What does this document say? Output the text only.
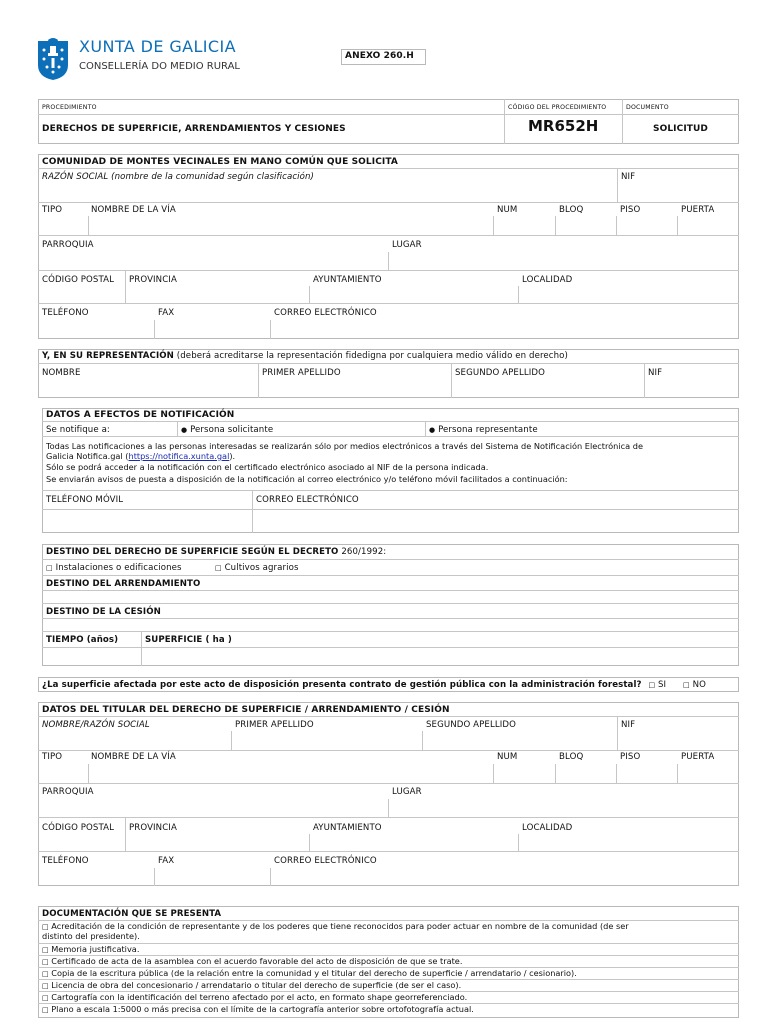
XUNTA DE GALICIA
CONSELLERÍA DO MEDIO RURAL
ANEXO 260.H
PROCEDIMIENTO	CÓDIGO DEL PROCEDIMIENTO	DOCUMENTO
DERECHOS DE SUPERFICIE, ARRENDAMIENTOS Y CESIONES	MR652H	SOLICITUD
COMUNIDAD DE MONTES VECINALES EN MANO COMÚN QUE SOLICITA
RAZÓN SOCIAL (nombre de la comunidad según clasificación)	NIF
TIPO	NOMBRE DE LA VÍA	NUM	BLOQ	PISO	PUERTA
PARROQUIA	LUGAR
CÓDIGO POSTAL PROVINCIA	AYUNTAMIENTO	LOCALIDAD
TELÉFONO	FAX	CORREO ELECTRÓNICO
Y, EN SU REPRESENTACIÓN (deberá acreditarse la representación fidedigna por cualquiera medio válido en derecho)
NOMBRE	PRIMER APELLIDO	SEGUNDO APELLIDO	NIF
DATOS A EFECTOS DE NOTIFICACIÓN
Se notifique a:	● Persona solicitante	● Persona representante
Todas Las notificaciones a las personas interesadas se realizarán sólo por medios electrónicos a través del Sistema de Notificación Electrónica de
Galicia Notifica.gal (https://notifica.xunta.gal).
Sólo se podrá acceder a la notificación con el certificado electrónico asociado al NIF de la persona indicada.
Se enviarán avisos de puesta a disposición de la notificación al correo electrónico y/o teléfono móvil facilitados a continuación:
TELÉFONO MÓVIL	CORREO ELECTRÓNICO
DESTINO DEL DERECHO DE SUPERFICIE SEGÚN EL DECRETO 260/1992:
□ Instalaciones o edificaciones	□ Cultivos agrarios
DESTINO DEL ARRENDAMIENTO
DESTINO DE LA CESIÓN
TIEMPO (años)	SUPERFICIE ( ha )
¿La superficie afectada por este acto de disposición presenta contrato de gestión pública con la administración forestal? □ SI □ NO
DATOS DEL TITULAR DEL DERECHO DE SUPERFICIE / ARRENDAMIENTO / CESIÓN
NOMBRE/RAZÓN SOCIAL	PRIMER APELLIDO	SEGUNDO APELLIDO	NIF
TIPO	NOMBRE DE LA VÍA	NUM	BLOQ	PISO	PUERTA
PARROQUIA	LUGAR
CÓDIGO POSTAL PROVINCIA	AYUNTAMIENTO	LOCALIDAD
TELÉFONO	FAX	CORREO ELECTRÓNICO
DOCUMENTACIÓN QUE SE PRESENTA
□ Acreditación de la condición de representante y de los poderes que tiene reconocidos para poder actuar en nombre de la comunidad (de ser
distinto del presidente).
□ Memoria justificativa.
□ Certificado de acta de la asamblea con el acuerdo favorable del acto de disposición de que se trate.
□ Copia de la escritura pública (de la relación entre la comunidad y el titular del derecho de superficie / arrendatario / cesionario).
□ Licencia de obra del concesionario / arrendatario o titular del derecho de superficie (de ser el caso).
□ Cartografía con la identificación del terreno afectado por el acto, en formato shape georreferenciado.
□ Plano a escala 1:5000 o más precisa con el límite de la cartografía anterior sobre ortofotografía actual.
